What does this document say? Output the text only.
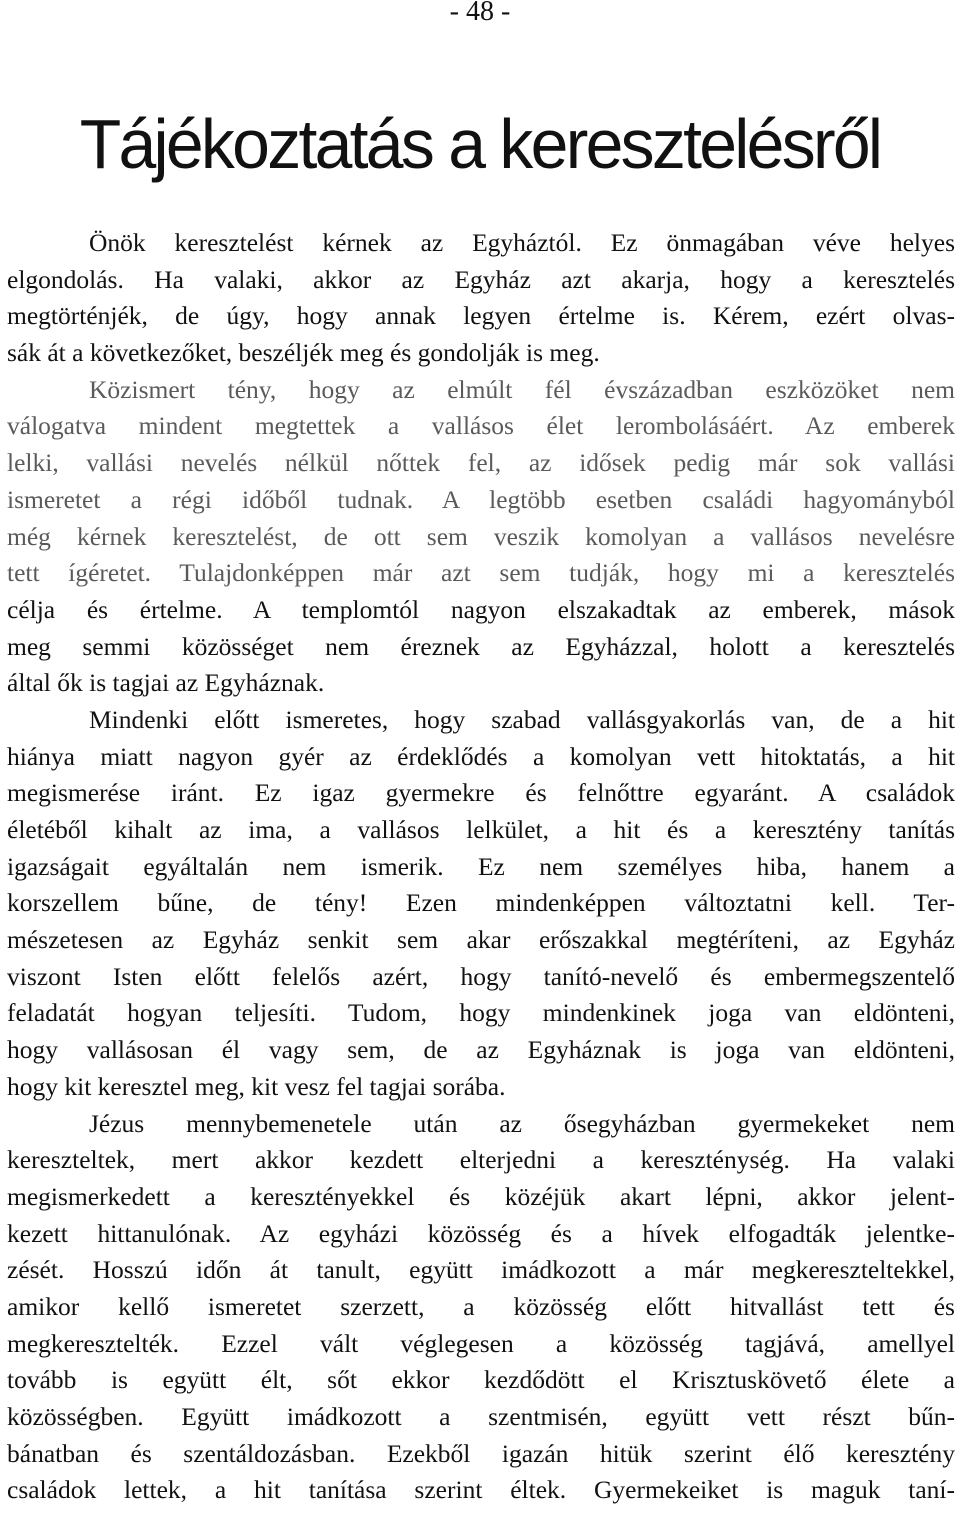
- 48 -
Tájékoztatás a keresztelésről
Önök keresztelést kérnek az Egyháztól. Ez önmagában véve helyes
elgondolás. Ha valaki, akkor az Egyház azt akarja, hogy a keresztelés
megtörténjék, de úgy, hogy annak legyen értelme is. Kérem, ezért olvas-
sák át a következőket, beszéljék meg és gondolják is meg.
Közismert tény, hogy az elmúlt fél évszázadban eszközöket nem
válogatva mindent megtettek a vallásos élet lerombolásáért. Az emberek
lelki, vallási nevelés nélkül nőttek fel, az idősek pedig már sok vallási
ismeretet a régi időből tudnak. A legtöbb esetben családi hagyományból
még kérnek keresztelést, de ott sem veszik komolyan a vallásos nevelésre
tett ígéretet. Tulajdonképpen már azt sem tudják, hogy mi a keresztelés
célja és értelme. A templomtól nagyon elszakadtak az emberek, mások
meg semmi közösséget nem éreznek az Egyházzal, holott a keresztelés
által ők is tagjai az Egyháznak.
Mindenki előtt ismeretes, hogy szabad vallásgyakorlás van, de a hit
hiánya miatt nagyon gyér az érdeklődés a komolyan vett hitoktatás, a hit
megismerése iránt. Ez igaz gyermekre és felnőttre egyaránt. A családok
életéből kihalt az ima, a vallásos lelkület, a hit és a keresztény tanítás
igazságait egyáltalán nem ismerik. Ez nem személyes hiba, hanem a
korszellem bűne, de tény! Ezen mindenképpen változtatni kell. Ter-
mészetesen az Egyház senkit sem akar erőszakkal megtéríteni, az Egyház
viszont Isten előtt felelős azért, hogy tanító-nevelő és embermegszentelő
feladatát hogyan teljesíti. Tudom, hogy mindenkinek joga van eldönteni,
hogy vallásosan él vagy sem, de az Egyháznak is joga van eldönteni,
hogy kit keresztel meg, kit vesz fel tagjai sorába.
Jézus mennybemenetele után az ősegyházban gyermekeket nem
kereszteltek, mert akkor kezdett elterjedni a kereszténység. Ha valaki
megismerkedett a keresztényekkel és közéjük akart lépni, akkor jelent-
kezett hittanulónak. Az egyházi közösség és a hívek elfogadták jelentke-
zését. Hosszú időn át tanult, együtt imádkozott a már megkereszteltekkel,
amikor kellő ismeretet szerzett, a közösség előtt hitvallást tett és
megkeresztelték. Ezzel vált véglegesen a közösség tagjává, amellyel
tovább is együtt élt, sőt ekkor kezdődött el Krisztuskövető élete a
közösségben. Együtt imádkozott a szentmisén, együtt vett részt bűn-
bánatban és szentáldozásban. Ezekből igazán hitük szerint élő keresztény
családok lettek, a hit tanítása szerint éltek. Gyermekeiket is maguk taní-
